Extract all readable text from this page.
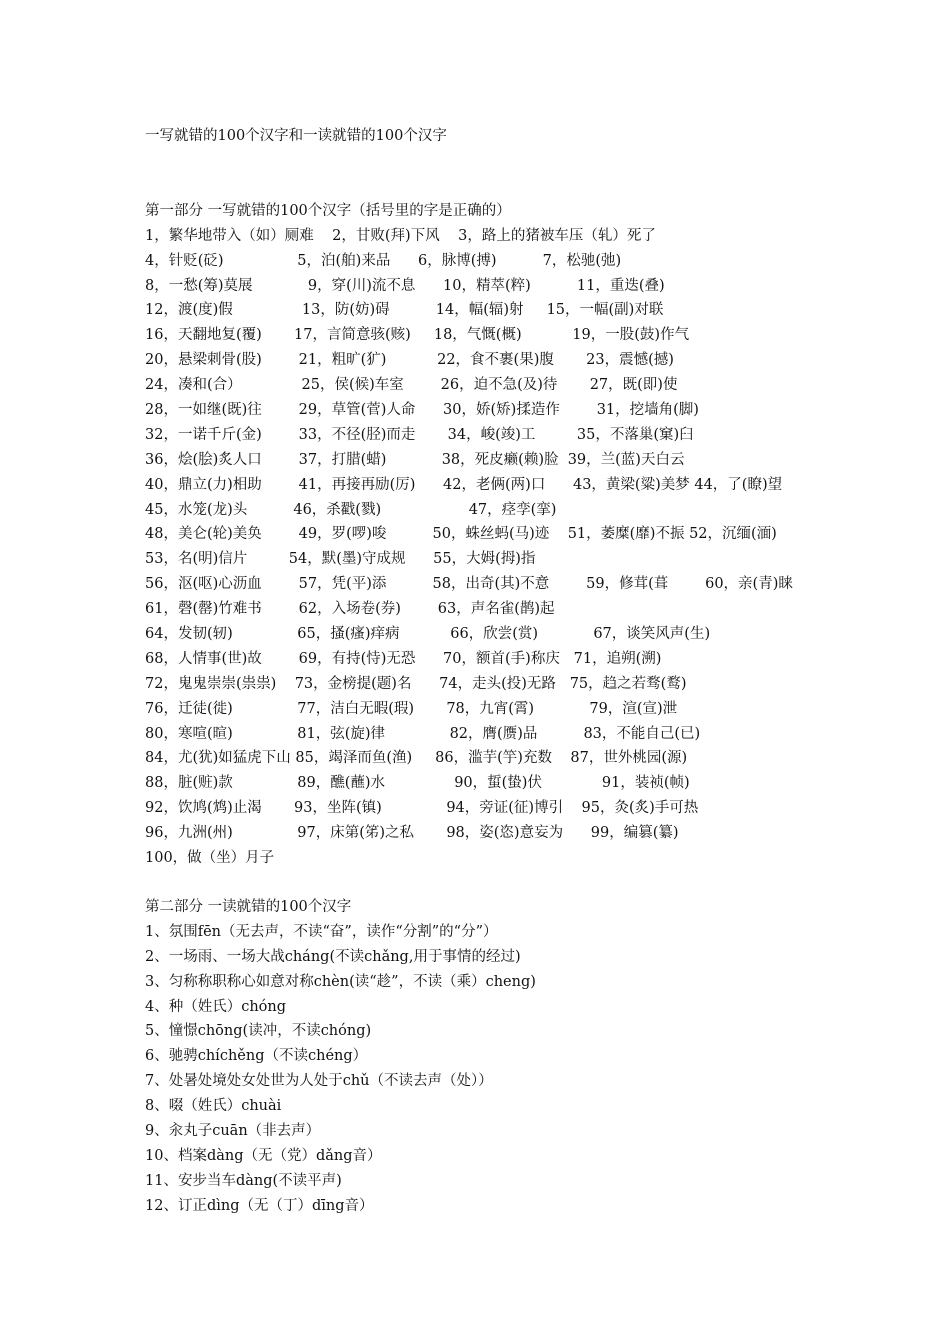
一写就错的100个汉字和一读就错的100个汉字
第一部分 一写就错的100个汉字（括号里的字是正确的）
1，繁华地带入（如）厕难    2，甘败(拜)下风    3，路上的猪被车压（轧）死了
4，针贬(砭)                5，泊(舶)来品      6，脉博(搏)          7，松驰(弛)
8，一愁(筹)莫展            9，穿(川)流不息      10，精萃(粹)          11，重迭(叠)
12，渡(度)假               13，防(妨)碍          14，幅(辐)射     15，一幅(副)对联
16，天翻地复(覆)       17，言简意骇(赅)     18，气慨(概)           19，一股(鼓)作气
20，悬梁刺骨(股)        21，粗旷(犷)           22，食不裹(果)腹       23，震憾(撼)
24，凑和(合）             25，侯(候)车室        26，迫不急(及)待       27，既(即)使
28，一如继(既)往        29，草管(菅)人命      30，娇(矫)揉造作        31，挖墙角(脚)
32，一诺千斤(金)        33，不径(胫)而走       34，峻(竣)工         35，不落巢(窠)臼
36，烩(脍)炙人口        37，打腊(蜡)            38，死皮癞(赖)脸  39，兰(蓝)天白云
40，鼎立(力)相助        41，再接再励(厉)      42，老俩(两)口      43，黄梁(粱)美梦 44，了(瞭)望
45，水笼(龙)头          46，杀戳(戮)                   47，痉孪(挛)
48，美仑(轮)美奂        49，罗(啰)唆          50，蛛丝蚂(马)迹    51，萎糜(靡)不振 52，沉缅(湎)
53，名(明)信片         54，默(墨)守成规      55，大姆(拇)指
56，沤(呕)心沥血        57，凭(平)添          58，出奇(其)不意        59，修茸(葺        60，亲(青)睐
61，磬(罄)竹难书        62，入场卷(券)        63，声名雀(鹊)起
64，发韧(轫)              65，搔(瘙)痒病           66，欣尝(赏)            67，谈笑风声(生)
68，人情事(世)故        69，有持(恃)无恐      70，额首(手)称庆   71，追朔(溯)
72，鬼鬼崇崇(祟祟)    73，金榜提(题)名      74，走头(投)无路   75，趋之若骛(鹜)
76，迁徒(徙)              77，洁白无暇(瑕)       78，九宵(霄)            79，渲(宣)泄
80，寒喧(暄)              81，弦(旋)律              82，膺(赝)品          83，不能自己(已)
84，尤(犹)如猛虎下山 85，竭泽而鱼(渔)     86，滥芋(竽)充数    87，世外桃园(源)
88，脏(赃)款              89，醮(蘸)水               90，蜇(蛰)伏             91，装祯(帧)
92，饮鸠(鸩)止渴       93，坐阵(镇)              94，旁证(征)博引    95，灸(炙)手可热
96，九洲(州)              97，床第(笫)之私       98，姿(恣)意妄为      99，编篡(纂)
100，做（坐）月子
第二部分 一读就错的100个汉字
1、氛围fēn（无去声，不读“奋”，读作“分割”的“分”）
2、一场雨、一场大战cháng(不读chǎng,用于事情的经过)
3、匀称称职称心如意对称chèn(读“趁”，不读（乘）cheng)
4、种（姓氏）chóng
5、憧憬chōng(读冲，不读chóng)
6、驰骋chíchěng（不读chéng）
7、处暑处境处女处世为人处于chǔ（不读去声（处））
8、啜（姓氏）chuài
9、汆丸子cuān（非去声）
10、档案dàng（无（党）dǎng音）
11、安步当车dàng(不读平声)
12、订正dìng（无（丁）dīng音）
